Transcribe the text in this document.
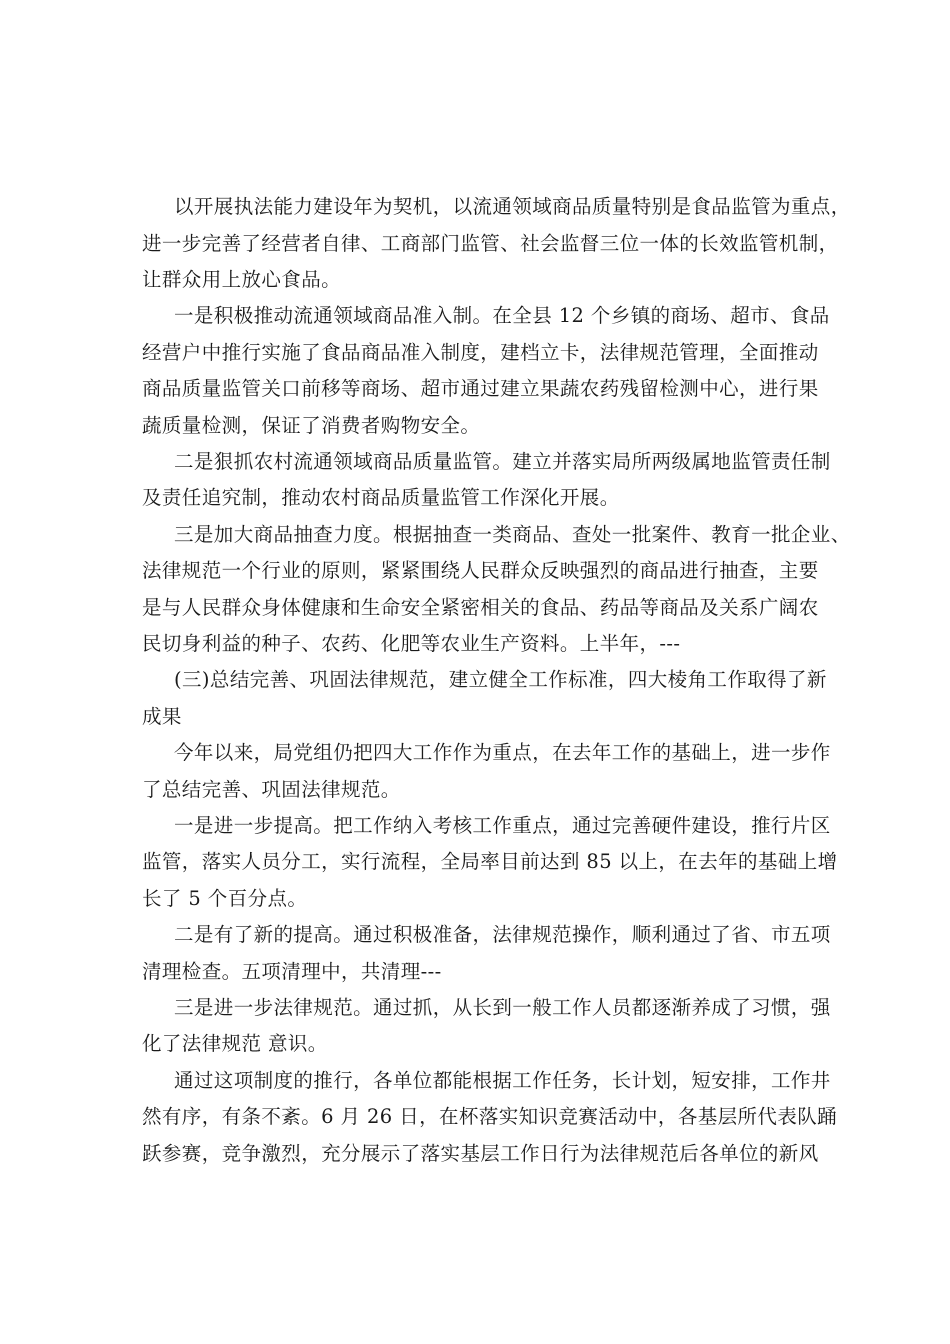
以开展执法能力建设年为契机，以流通领域商品质量特别是食品监管为重点，
进一步完善了经营者自律、工商部门监管、社会监督三位一体的长效监管机制，
让群众用上放心食品。
一是积极推动流通领域商品准入制。在全县 12 个乡镇的商场、超市、食品
经营户中推行实施了食品商品准入制度，建档立卡，法律规范管理，全面推动
商品质量监管关口前移等商场、超市通过建立果蔬农药残留检测中心，进行果
蔬质量检测，保证了消费者购物安全。
二是狠抓农村流通领域商品质量监管。建立并落实局所两级属地监管责任制
及责任追究制，推动农村商品质量监管工作深化开展。
三是加大商品抽查力度。根据抽查一类商品、查处一批案件、教育一批企业、
法律规范一个行业的原则，紧紧围绕人民群众反映强烈的商品进行抽查，主要
是与人民群众身体健康和生命安全紧密相关的食品、药品等商品及关系广阔农
民切身利益的种子、农药、化肥等农业生产资料。上半年，---
(三)总结完善、巩固法律规范，建立健全工作标准，四大棱角工作取得了新
成果
今年以来，局党组仍把四大工作作为重点，在去年工作的基础上，进一步作
了总结完善、巩固法律规范。
一是进一步提高。把工作纳入考核工作重点，通过完善硬件建设，推行片区
监管，落实人员分工，实行流程，全局率目前达到 85 以上，在去年的基础上增
长了 5 个百分点。
二是有了新的提高。通过积极准备，法律规范操作，顺利通过了省、市五项
清理检查。五项清理中，共清理---
三是进一步法律规范。通过抓，从长到一般工作人员都逐渐养成了习惯，强
化了法律规范 意识。
通过这项制度的推行，各单位都能根据工作任务，长计划，短安排，工作井
然有序，有条不紊。6 月 26 日，在杯落实知识竞赛活动中，各基层所代表队踊
跃参赛，竞争激烈，充分展示了落实基层工作日行为法律规范后各单位的新风
